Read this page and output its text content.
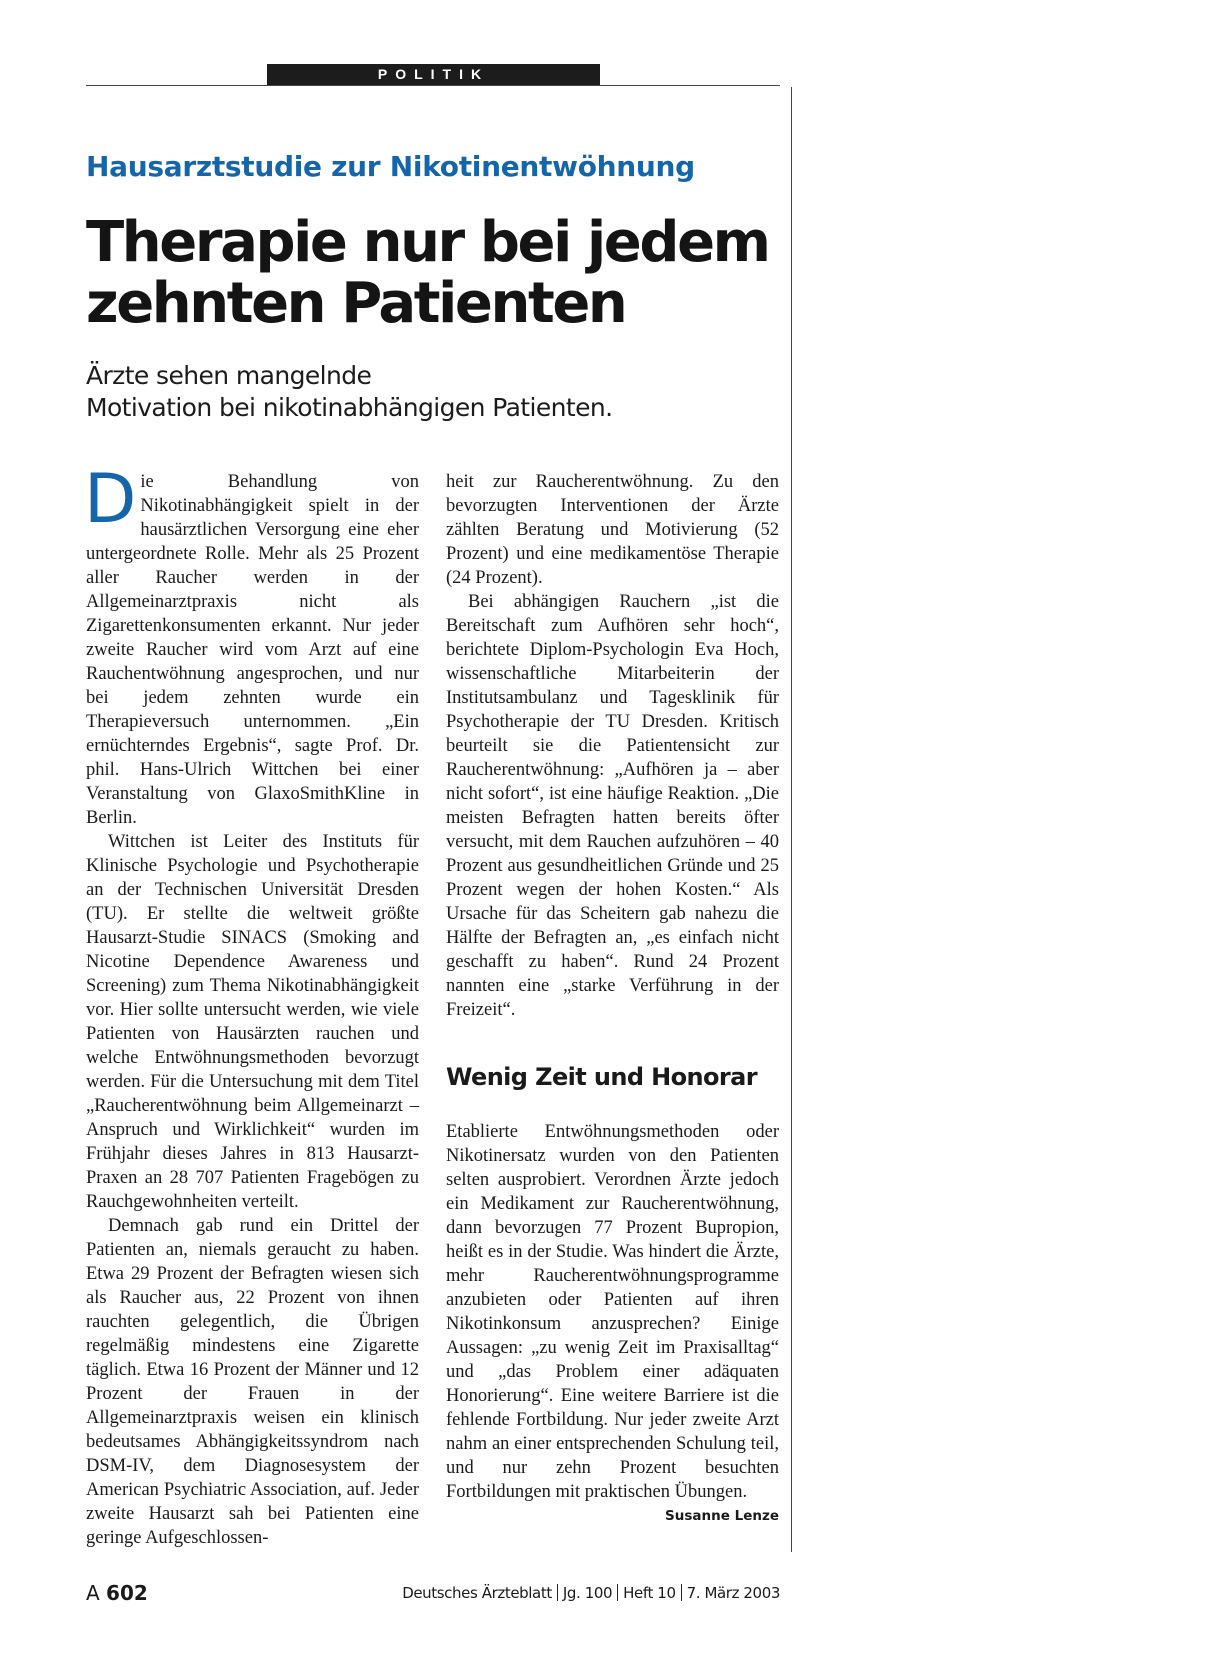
POLITIK
Hausarztstudie zur Nikotinentwöhnung
Therapie nur bei jedem
zehnten Patienten

Ärzte sehen mangelnde
Motivation bei nikotinabhängigen Patienten.

Die Behandlung von Nikotinabhängigkeit spielt in der hausärztlichen Versorgung eine eher untergeordnete Rolle. Mehr als 25 Prozent aller Raucher werden in der Allgemeinarztpraxis nicht als Zigarettenkonsumenten erkannt. Nur jeder zweite Raucher wird vom Arzt auf eine Rauchentwöhnung angesprochen, und nur bei jedem zehnten wurde ein Therapieversuch unternommen. „Ein ernüchterndes Ergebnis“, sagte Prof. Dr. phil. Hans-Ulrich Wittchen bei einer Veranstaltung von GlaxoSmithKline in Berlin.

Wittchen ist Leiter des Instituts für Klinische Psychologie und Psychotherapie an der Technischen Universität Dresden (TU). Er stellte die weltweit größte Hausarzt-Studie SINACS (Smoking and Nicotine Dependence Awareness und Screening) zum Thema Nikotinabhängigkeit vor. Hier sollte untersucht werden, wie viele Patienten von Hausärzten rauchen und welche Entwöhnungsmethoden bevorzugt werden. Für die Untersuchung mit dem Titel „Raucherentwöhnung beim Allgemeinarzt – Anspruch und Wirklichkeit“ wurden im Frühjahr dieses Jahres in 813 Hausarzt-Praxen an 28 707 Patienten Fragebögen zu Rauchgewohnheiten verteilt.

Demnach gab rund ein Drittel der Patienten an, niemals geraucht zu haben. Etwa 29 Prozent der Befragten wiesen sich als Raucher aus, 22 Prozent von ihnen rauchten gelegentlich, die Übrigen regelmäßig mindestens eine Zigarette täglich. Etwa 16 Prozent der Männer und 12 Prozent der Frauen in der Allgemeinarztpraxis weisen ein klinisch bedeutsames Abhängigkeitssyndrom nach DSM-IV, dem Diagnosesystem der American Psychiatric Association, auf. Jeder zweite Hausarzt sah bei Patienten eine geringe Aufgeschlossen-

heit zur Raucherentwöhnung. Zu den bevorzugten Interventionen der Ärzte zählten Beratung und Motivierung (52 Prozent) und eine medikamentöse Therapie (24 Prozent).

Bei abhängigen Rauchern „ist die Bereitschaft zum Aufhören sehr hoch“, berichtete Diplom-Psychologin Eva Hoch, wissenschaftliche Mitarbeiterin der Institutsambulanz und Tagesklinik für Psychotherapie der TU Dresden. Kritisch beurteilt sie die Patientensicht zur Raucherentwöhnung: „Aufhören ja – aber nicht sofort“, ist eine häufige Reaktion. „Die meisten Befragten hatten bereits öfter versucht, mit dem Rauchen aufzuhören – 40 Prozent aus gesundheitlichen Gründe und 25 Prozent wegen der hohen Kosten.“ Als Ursache für das Scheitern gab nahezu die Hälfte der Befragten an, „es einfach nicht geschafft zu haben“. Rund 24 Prozent nannten eine „starke Verführung in der Freizeit“.

Wenig Zeit und Honorar

Etablierte Entwöhnungsmethoden oder Nikotinersatz wurden von den Patienten selten ausprobiert. Verordnen Ärzte jedoch ein Medikament zur Raucherentwöhnung, dann bevorzugen 77 Prozent Bupropion, heißt es in der Studie. Was hindert die Ärzte, mehr Raucherentwöhnungsprogramme anzubieten oder Patienten auf ihren Nikotinkonsum anzusprechen? Einige Aussagen: „zu wenig Zeit im Praxisalltag“ und „das Problem einer adäquaten Honorierung“. Eine weitere Barriere ist die fehlende Fortbildung. Nur jeder zweite Arzt nahm an einer entsprechenden Schulung teil, und nur zehn Prozent besuchten Fortbildungen mit praktischen Übungen.
Susanne Lenze

A 602	Deutsches Ärzteblatt Jg. 100 Heft 10 7. März 2003
